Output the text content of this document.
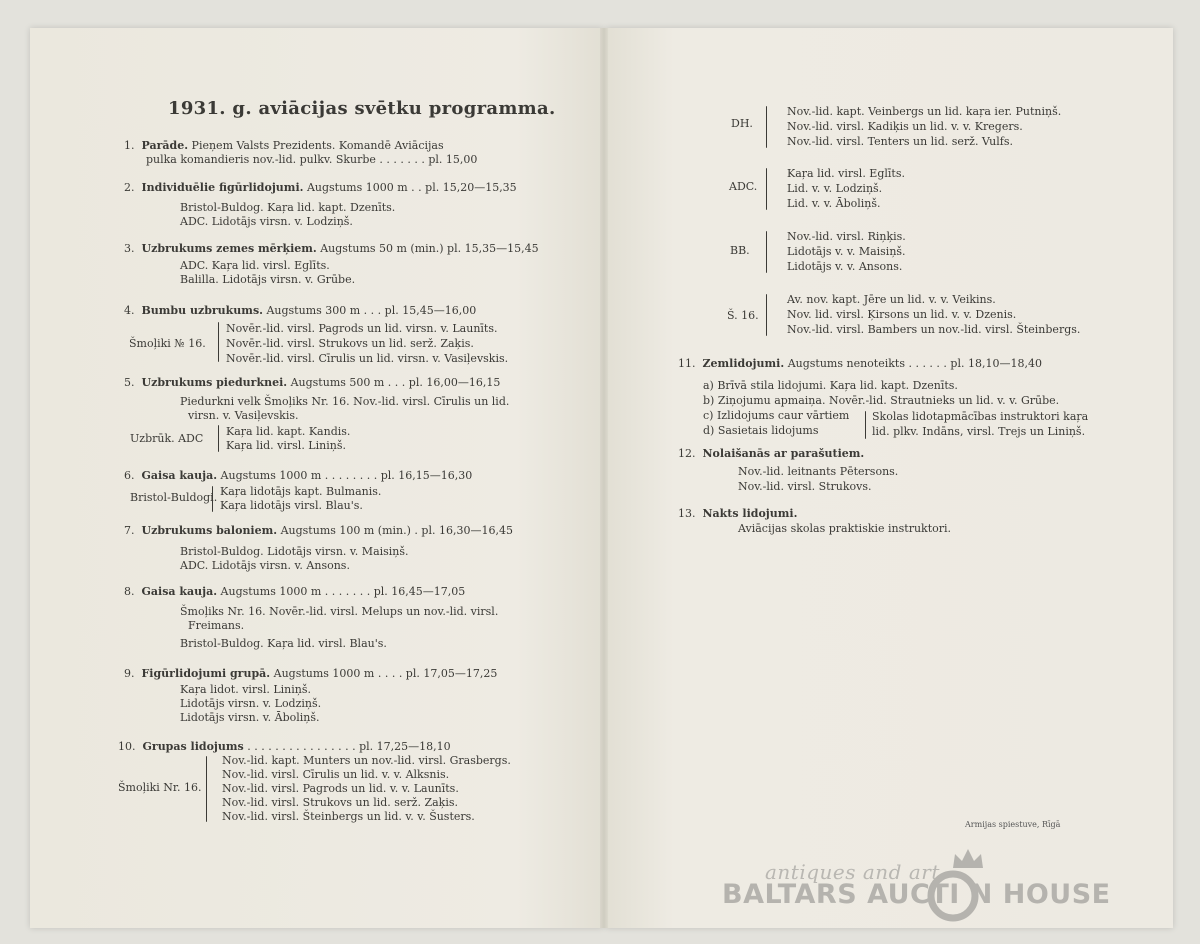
1931. g. aviācijas svētku programma.
1. Parāde. Pieņem Valsts Prezidents. Komandē Aviācijas
pulka komandieris nov.-lid. pulkv. Skurbe . . . . . . . pl. 15,00
2. Individuēlie figūrlidojumi. Augstums 1000 m . . pl. 15,20—15,35
Bristol-Buldog. Kaŗa lid. kapt. Dzenīts.
ADC. Lidotājs virsn. v. Lodziņš.
3. Uzbrukums zemes mērķiem. Augstums 50 m (min.) pl. 15,35—15,45
ADC. Kaŗa lid. virsl. Eglīts.
Balilla. Lidotājs virsn. v. Grūbe.
4. Bumbu uzbrukums. Augstums 300 m . . . pl. 15,45—16,00
Šmoļiki № 16.
Novēr.-lid. virsl. Pagrods un lid. virsn. v. Launīts.
Novēr.-lid. virsl. Strukovs un lid. serž. Zaķis.
Novēr.-lid. virsl. Cīrulis un lid. virsn. v. Vasiļevskis.
5. Uzbrukums piedurknei. Augstums 500 m . . . pl. 16,00—16,15
Piedurkni velk Šmoļiks Nr. 16. Nov.-lid. virsl. Cīrulis un lid.
virsn. v. Vasiļevskis.
Uzbrūk. ADC
Kaŗa lid. kapt. Kandis.
Kaŗa lid. virsl. Liniņš.
6. Gaisa kauja. Augstums 1000 m . . . . . . . . pl. 16,15—16,30
Bristol-Buldogi. Kaŗa lidotājs kapt. Bulmanis.
Kaŗa lidotājs virsl. Blau's.
7. Uzbrukums baloniem. Augstums 100 m (min.) . pl. 16,30—16,45
Bristol-Buldog. Lidotājs virsn. v. Maisiņš.
ADC. Lidotājs virsn. v. Ansons.
8. Gaisa kauja. Augstums 1000 m . . . . . . . pl. 16,45—17,05
Šmoļiks Nr. 16. Novēr.-lid. virsl. Melups un nov.-lid. virsl.
Freimans.
Bristol-Buldog. Kaŗa lid. virsl. Blau's.
9. Figūrlidojumi grupā. Augstums 1000 m . . . . pl. 17,05—17,25
Kaŗa lidot. virsl. Liniņš.
Lidotājs virsn. v. Lodziņš.
Lidotājs virsn. v. Āboliņš.
10. Grupas lidojums . . . . . . . . . . . . . . . . pl. 17,25—18,10
Šmoļiki Nr. 16.
Nov.-lid. kapt. Munters un nov.-lid. virsl. Grasbergs.
Nov.-lid. virsl. Cīrulis un lid. v. v. Alksnis.
Nov.-lid. virsl. Pagrods un lid. v. v. Launīts.
Nov.-lid. virsl. Strukovs un lid. serž. Zaķis.
Nov.-lid. virsl. Šteinbergs un lid. v. v. Šusters.
DH.
Nov.-lid. kapt. Veinbergs un lid. kaŗa ier. Putniņš.
Nov.-lid. virsl. Kadiķis un lid. v. v. Kregers.
Nov.-lid. virsl. Tenters un lid. serž. Vulfs.
ADC.
Kaŗa lid. virsl. Eglīts.
Lid. v. v. Lodziņš.
Lid. v. v. Āboliņš.
BB.
Nov.-lid. virsl. Riņķis.
Lidotājs v. v. Maisiņš.
Lidotājs v. v. Ansons.
Š. 16.
Av. nov. kapt. Jēre un lid. v. v. Veikins.
Nov. lid. virsl. Ķirsons un lid. v. v. Dzenis.
Nov.-lid. virsl. Bambers un nov.-lid. virsl. Šteinbergs.
11. Zemlidojumi. Augstums nenoteikts . . . . . . pl. 18,10—18,40
a) Brīvā stila lidojumi. Kaŗa lid. kapt. Dzenīts.
b) Ziņojumu apmaiņa. Novēr.-lid. Strautnieks un lid. v. v. Grūbe.
c) Izlidojums caur vārtiem
d) Sasietais lidojums
Skolas lidotapmācības instruktori kaŗa
lid. plkv. Indāns, virsl. Trejs un Liniņš.
12. Nolaišanās ar parašutiem.
Nov.-lid. leitnants Pētersons.
Nov.-lid. virsl. Strukovs.
13. Nakts lidojumi.
Aviācijas skolas praktiskie instruktori.
Armijas spiestuve, Rīgā
antiques and art
BALTARS AUCTI N HOUSE
